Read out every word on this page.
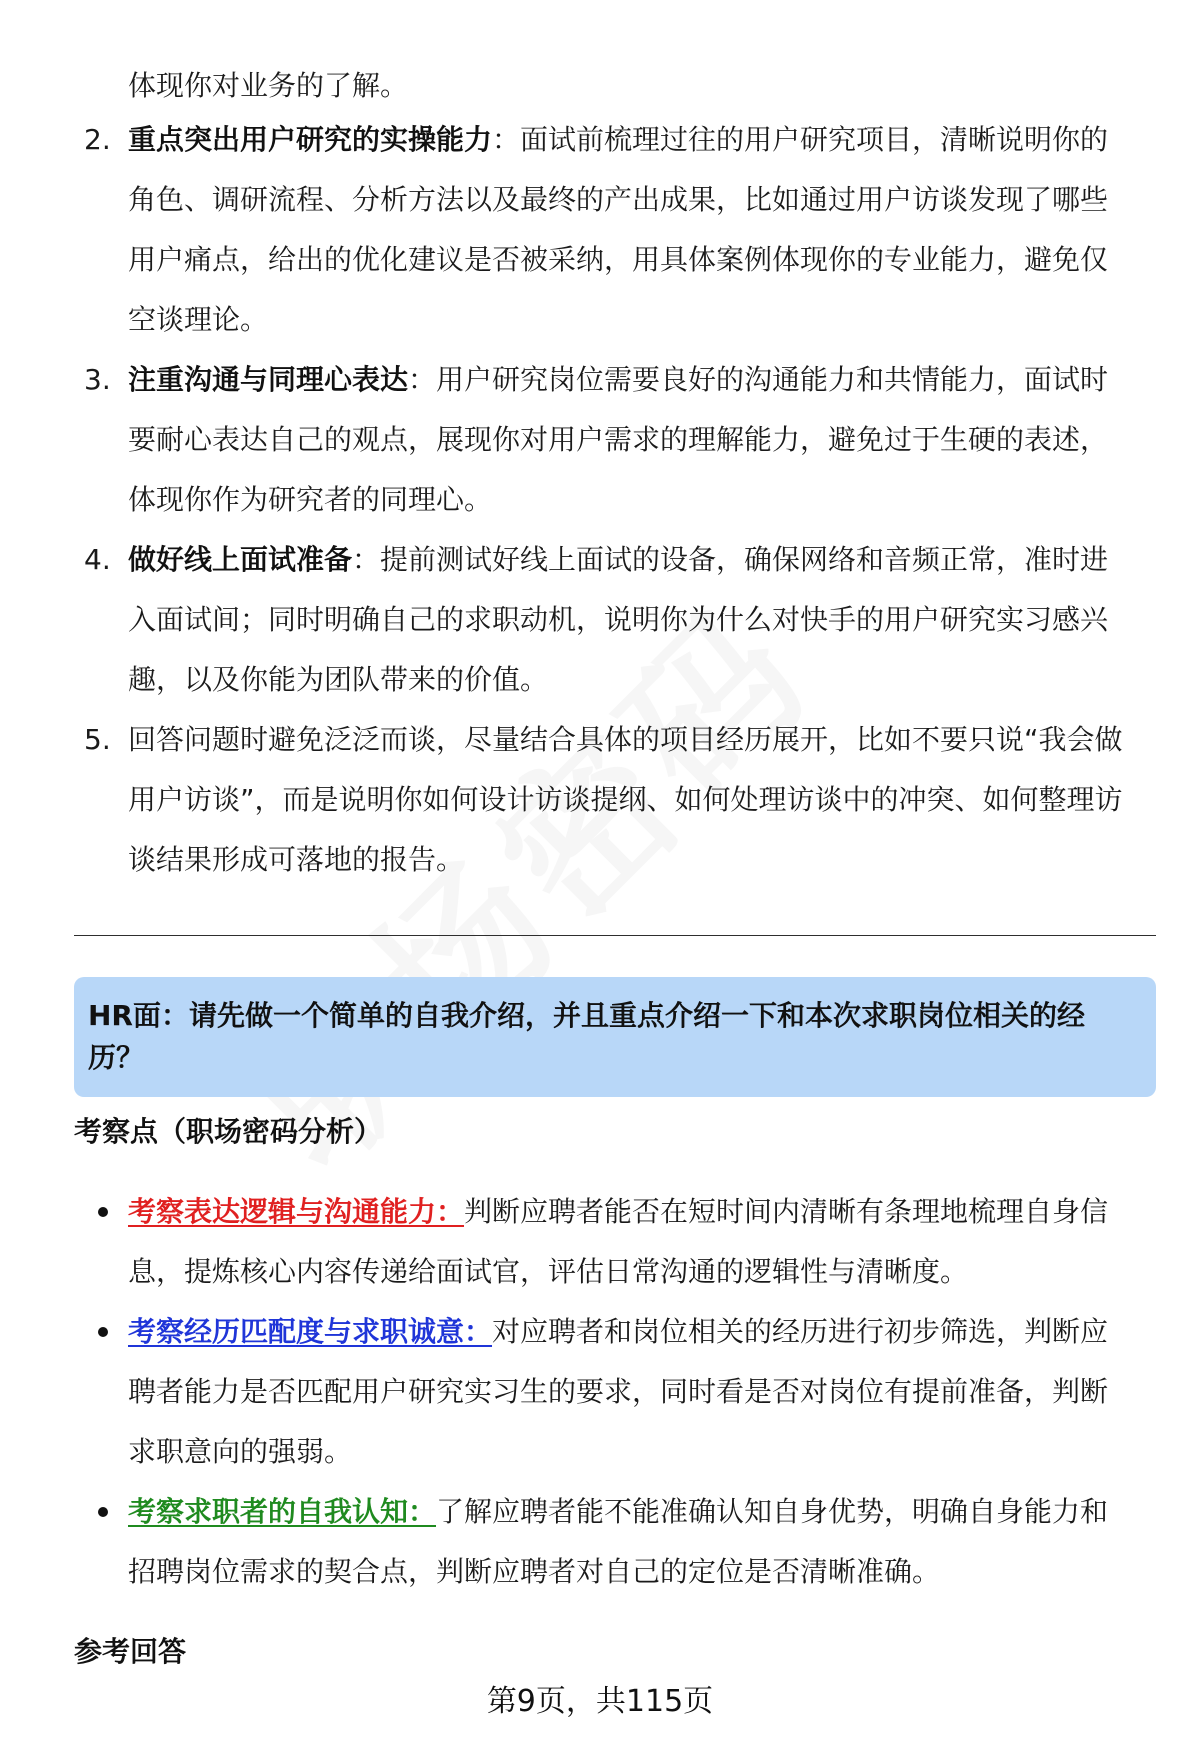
体现你对业务的了解。
2. 重点突出用户研究的实操能力：面试前梳理过往的用户研究项目，清晰说明你的角色、调研流程、分析方法以及最终的产出成果，比如通过用户访谈发现了哪些用户痛点，给出的优化建议是否被采纳，用具体案例体现你的专业能力，避免仅空谈理论。
3. 注重沟通与同理心表达：用户研究岗位需要良好的沟通能力和共情能力，面试时要耐心表达自己的观点，展现你对用户需求的理解能力，避免过于生硬的表述，体现你作为研究者的同理心。
4. 做好线上面试准备：提前测试好线上面试的设备，确保网络和音频正常，准时进入面试间；同时明确自己的求职动机，说明你为什么对快手的用户研究实习感兴趣，以及你能为团队带来的价值。
5. 回答问题时避免泛泛而谈，尽量结合具体的项目经历展开，比如不要只说“我会做用户访谈”，而是说明你如何设计访谈提纲、如何处理访谈中的冲突、如何整理访谈结果形成可落地的报告。
HR面：请先做一个简单的自我介绍，并且重点介绍一下和本次求职岗位相关的经历？
考察点（职场密码分析）
考察表达逻辑与沟通能力：判断应聘者能否在短时间内清晰有条理地梳理自身信息，提炼核心内容传递给面试官，评估日常沟通的逻辑性与清晰度。
考察经历匹配度与求职诚意：对应聘者和岗位相关的经历进行初步筛选，判断应聘者能力是否匹配用户研究实习生的要求，同时看是否对岗位有提前准备，判断求职意向的强弱。
考察求职者的自我认知：了解应聘者能不能准确认知自身优势，明确自身能力和招聘岗位需求的契合点，判断应聘者对自己的定位是否清晰准确。
参考回答
第9页，共115页
